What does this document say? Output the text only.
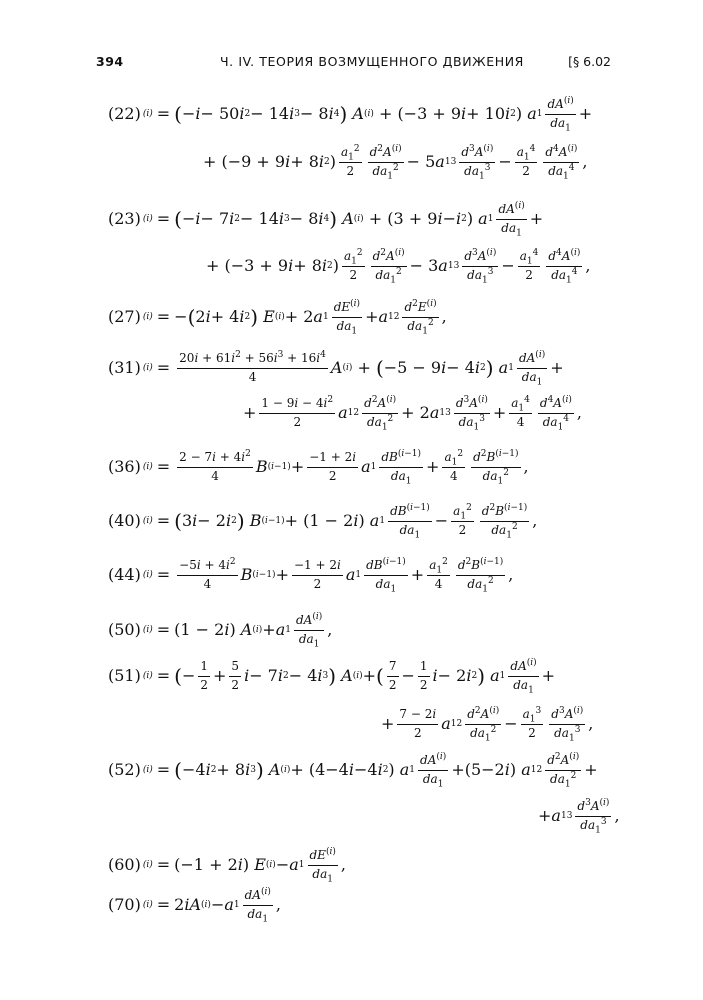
394	Ч. IV. ТЕОРИЯ ВОЗМУЩЕННОГО ДВИЖЕНИЯ	[§ 6.02
(22) (i) = ( − i − 50 i 2 − 14 i 3 − 8 i 4 )
A (i) + (−3 + 9 i + 10 i 2 ) a $1 \frac{dA^{(i)}}{da_1}$ +
+ (−9 + 9 i + 8 i 2 ) $\frac{a_1^2}{2} \frac{d^2A^{(i)}}{da_1^2} - 5$ a 1 $3 \frac{d^3A^{(i)}}{da_1^3} - \frac{a_1^4}{2} \frac{d^4A^{(i)}}{da_1^4}$ ,
(23) (i) = ( − i − 7 i 2 − 14 i 3 − 8 i 4 )
A (i) + (3 + 9 i − i 2 ) a $1 \frac{dA^{(i)}}{da_1}$ +
+ (−3 + 9 i + 8 i 2 ) $\frac{a_1^2}{2} \frac{d^2A^{(i)}}{da_1^2} - 3$ a 1 $3 \frac{d^3A^{(i)}}{da_1^3} - \frac{a_1^4}{2} \frac{d^4A^{(i)}}{da_1^4}$ ,
(27) (i) = − ( 2 i + 4 i 2 )
E (i) + 2 a $1 \frac{dE^{(i)}}{da_1} + a$ 1 $2 \frac{d^2E^{(i)}}{da_1^2}$ ,
(31) $(i) = \frac{20i + 61i^2 + 56i^3 + 16i^4}{4}$ A (i) + ( −5 − 9 i − 4 i 2 )
a $1 \frac{dA^{(i)}}{da_1}$ +
+ $\frac{1 - 9i - 4i^2}{2}$ a 1 $2 \frac{d^2A^{(i)}}{da_1^2} + 2$ a 1 $3 \frac{d^3A^{(i)}}{da_1^3} + \frac{a_1^4}{4} \frac{d^4A^{(i)}}{da_1^4}$ ,
(36) $(i) = \frac{2 - 7i + 4i^2}{4}$ B $(i-1) + \frac{-1 + 2i}{2}$ a $1 \frac{dB^{(i-1)}}{da_1} + \frac{a_1^2}{4} \frac{d^2B^{(i-1)}}{da_1^2}$ ,
(40) (i) = ( 3 i − 2 i 2 )
B (i−1) + (1 − 2 i ) a $1 \frac{dB^{(i-1)}}{da_1} - \frac{a_1^2}{2} \frac{d^2B^{(i-1)}}{da_1^2}$ ,
(44) $(i) = \frac{-5i + 4i^2}{4}$ B $(i-1) + \frac{-1 + 2i}{2}$ a $1 \frac{dB^{(i-1)}}{da_1} + \frac{a_1^2}{4} \frac{d^2B^{(i-1)}}{da_1^2}$ ,
(50) (i) = (1 − 2 i ) A (i) + a $1 \frac{dA^{(i)}}{da_1}$ ,
(51) (i) = ( − $\frac{1}{2} + \frac{5}{2}$ i − 7 i 2 − 4 i 3 )
A (i) + ( $\frac{7}{2} - \frac{1}{2}$ i − 2 i 2 )
a $1 \frac{dA^{(i)}}{da_1}$ +
+ $\frac{7 - 2i}{2}$ a 1 $2 \frac{d^2A^{(i)}}{da_1^2} - \frac{a_1^3}{2} \frac{d^3A^{(i)}}{da_1^3}$ ,
(52) (i) = ( −4 i 2 + 8 i 3 )
A (i) + (4−4 i −4 i 2 ) a $1 \frac{dA^{(i)}}{da_1} +(5-2$ i ) a 1 $2 \frac{d^2A^{(i)}}{da_1^2}$ +
+ a 1 $3 \frac{d^3A^{(i)}}{da_1^3}$ ,
(60) (i) = (−1 + 2 i ) E (i) − a $1 \frac{dE^{(i)}}{da_1}$ ,
(70) (i) = 2 iA (i) − a $1 \frac{dA^{(i)}}{da_1}$ ,
